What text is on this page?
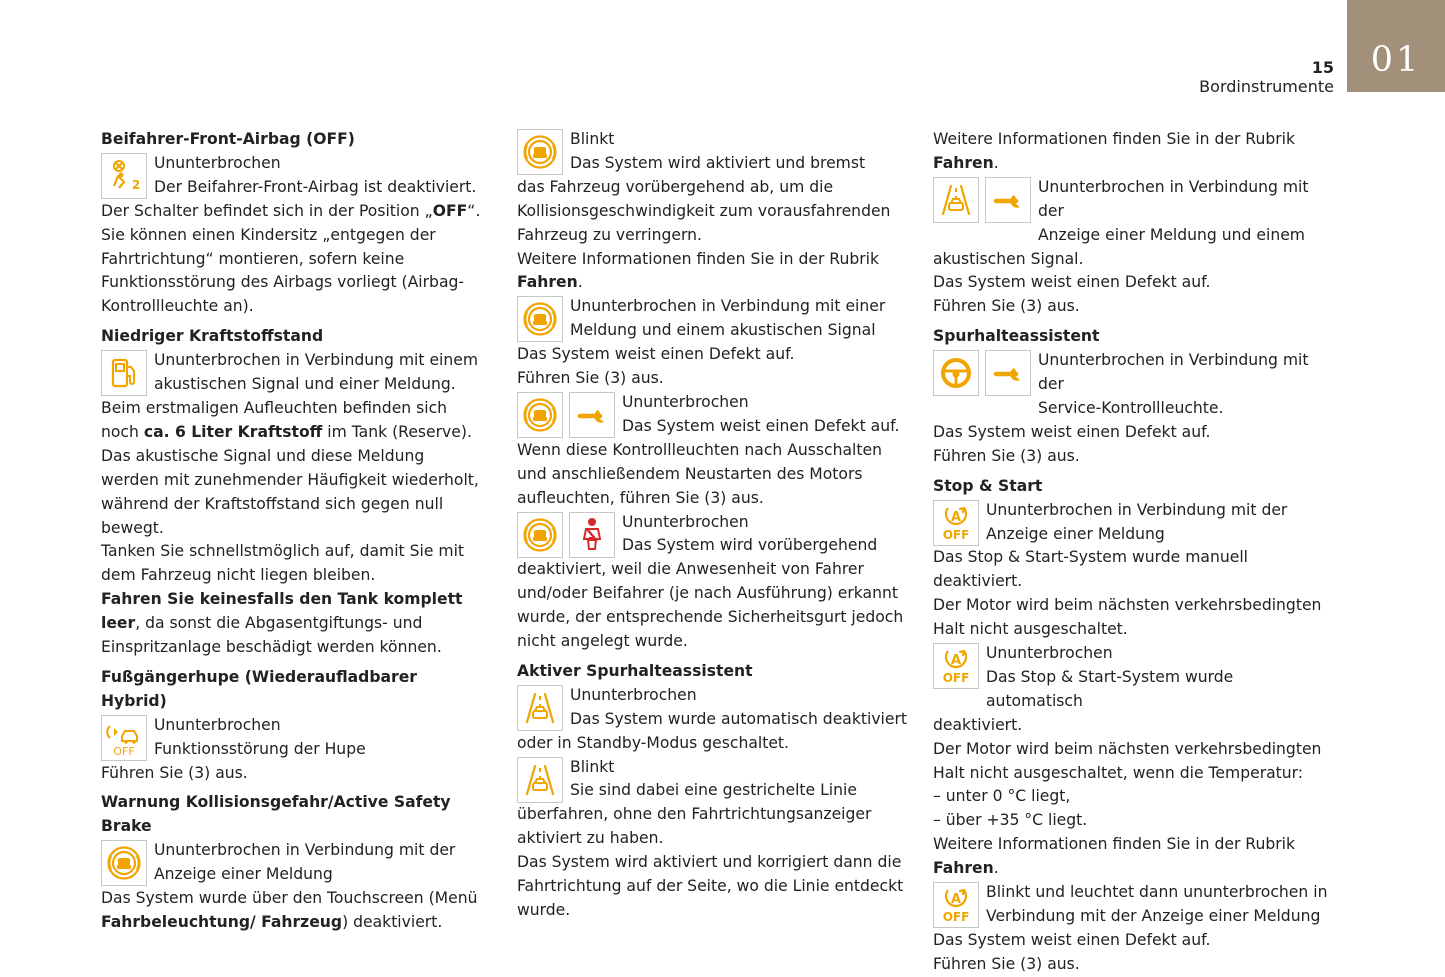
01
15
Bordinstrumente

Beifahrer-Front-Airbag (OFF)

2

Ununterbrochen

Der Beifahrer-Front-Airbag ist deaktiviert.

Der Schalter befindet sich in der Position „OFF“.

Sie können einen Kindersitz „entgegen der Fahrtrichtung“ montieren, sofern keine Funktionsstörung des Airbags vorliegt (Airbag-Kontrollleuchte an).

Niedriger Kraftstoffstand

Ununterbrochen in Verbindung mit einem

akustischen Signal und einer Meldung.

Beim erstmaligen Aufleuchten befinden sich noch ca. 6 Liter Kraftstoff im Tank (Reserve).

Das akustische Signal und diese Meldung werden mit zunehmender Häufigkeit wiederholt, während der Kraftstoffstand sich gegen null bewegt.

Tanken Sie schnellstmöglich auf, damit Sie mit dem Fahrzeug nicht liegen bleiben.

Fahren Sie keinesfalls den Tank komplett leer, da sonst die Abgasentgiftungs- und Einspritzanlage beschädigt werden können.

Fußgängerhupe (Wiederaufladbarer Hybrid)

OFF

Ununterbrochen

Funktionsstörung der Hupe

Führen Sie (3) aus.

Warnung Kollisionsgefahr/Active Safety Brake

Ununterbrochen in Verbindung mit der

Anzeige einer Meldung

Das System wurde über den Touchscreen (Menü Fahrbeleuchtung/ Fahrzeug) deaktiviert.

Blinkt

Das System wird aktiviert und bremst

das Fahrzeug vorübergehend ab, um die Kollisionsgeschwindigkeit zum vorausfahrenden Fahrzeug zu verringern.

Weitere Informationen finden Sie in der Rubrik

Fahren.

Ununterbrochen in Verbindung mit einer

Meldung und einem akustischen Signal

Das System weist einen Defekt auf.

Führen Sie (3) aus.

Ununterbrochen

Das System weist einen Defekt auf.

Wenn diese Kontrollleuchten nach Ausschalten und anschließendem Neustarten des Motors aufleuchten, führen Sie (3) aus.

Ununterbrochen

Das System wird vorübergehend

deaktiviert, weil die Anwesenheit von Fahrer und/oder Beifahrer (je nach Ausführung) erkannt wurde, der entsprechende Sicherheitsgurt jedoch nicht angelegt wurde.

Aktiver Spurhalteassistent

Ununterbrochen

Das System wurde automatisch deaktiviert

oder in Standby-Modus geschaltet.

Blinkt

Sie sind dabei eine gestrichelte Linie

überfahren, ohne den Fahrtrichtungsanzeiger aktiviert zu haben.

Das System wird aktiviert und korrigiert dann die Fahrtrichtung auf der Seite, wo die Linie entdeckt wurde.

Weitere Informationen finden Sie in der Rubrik

Fahren.

Ununterbrochen in Verbindung mit der

Anzeige einer Meldung und einem

akustischen Signal.

Das System weist einen Defekt auf.

Führen Sie (3) aus.

Spurhalteassistent

Ununterbrochen in Verbindung mit der

Service-Kontrollleuchte.

Das System weist einen Defekt auf.

Führen Sie (3) aus.

Stop & Start

Ununterbrochen in Verbindung mit der

Anzeige einer Meldung

Das Stop & Start-System wurde manuell deaktiviert.

Der Motor wird beim nächsten verkehrsbedingten Halt nicht ausgeschaltet.

Ununterbrochen

Das Stop & Start-System wurde automatisch

deaktiviert.

Der Motor wird beim nächsten verkehrsbedingten Halt nicht ausgeschaltet, wenn die Temperatur:

– unter 0 °C liegt,

– über +35 °C liegt.

Weitere Informationen finden Sie in der Rubrik

Fahren.

Blinkt und leuchtet dann ununterbrochen in

Verbindung mit der Anzeige einer Meldung

Das System weist einen Defekt auf.

Führen Sie (3) aus.
